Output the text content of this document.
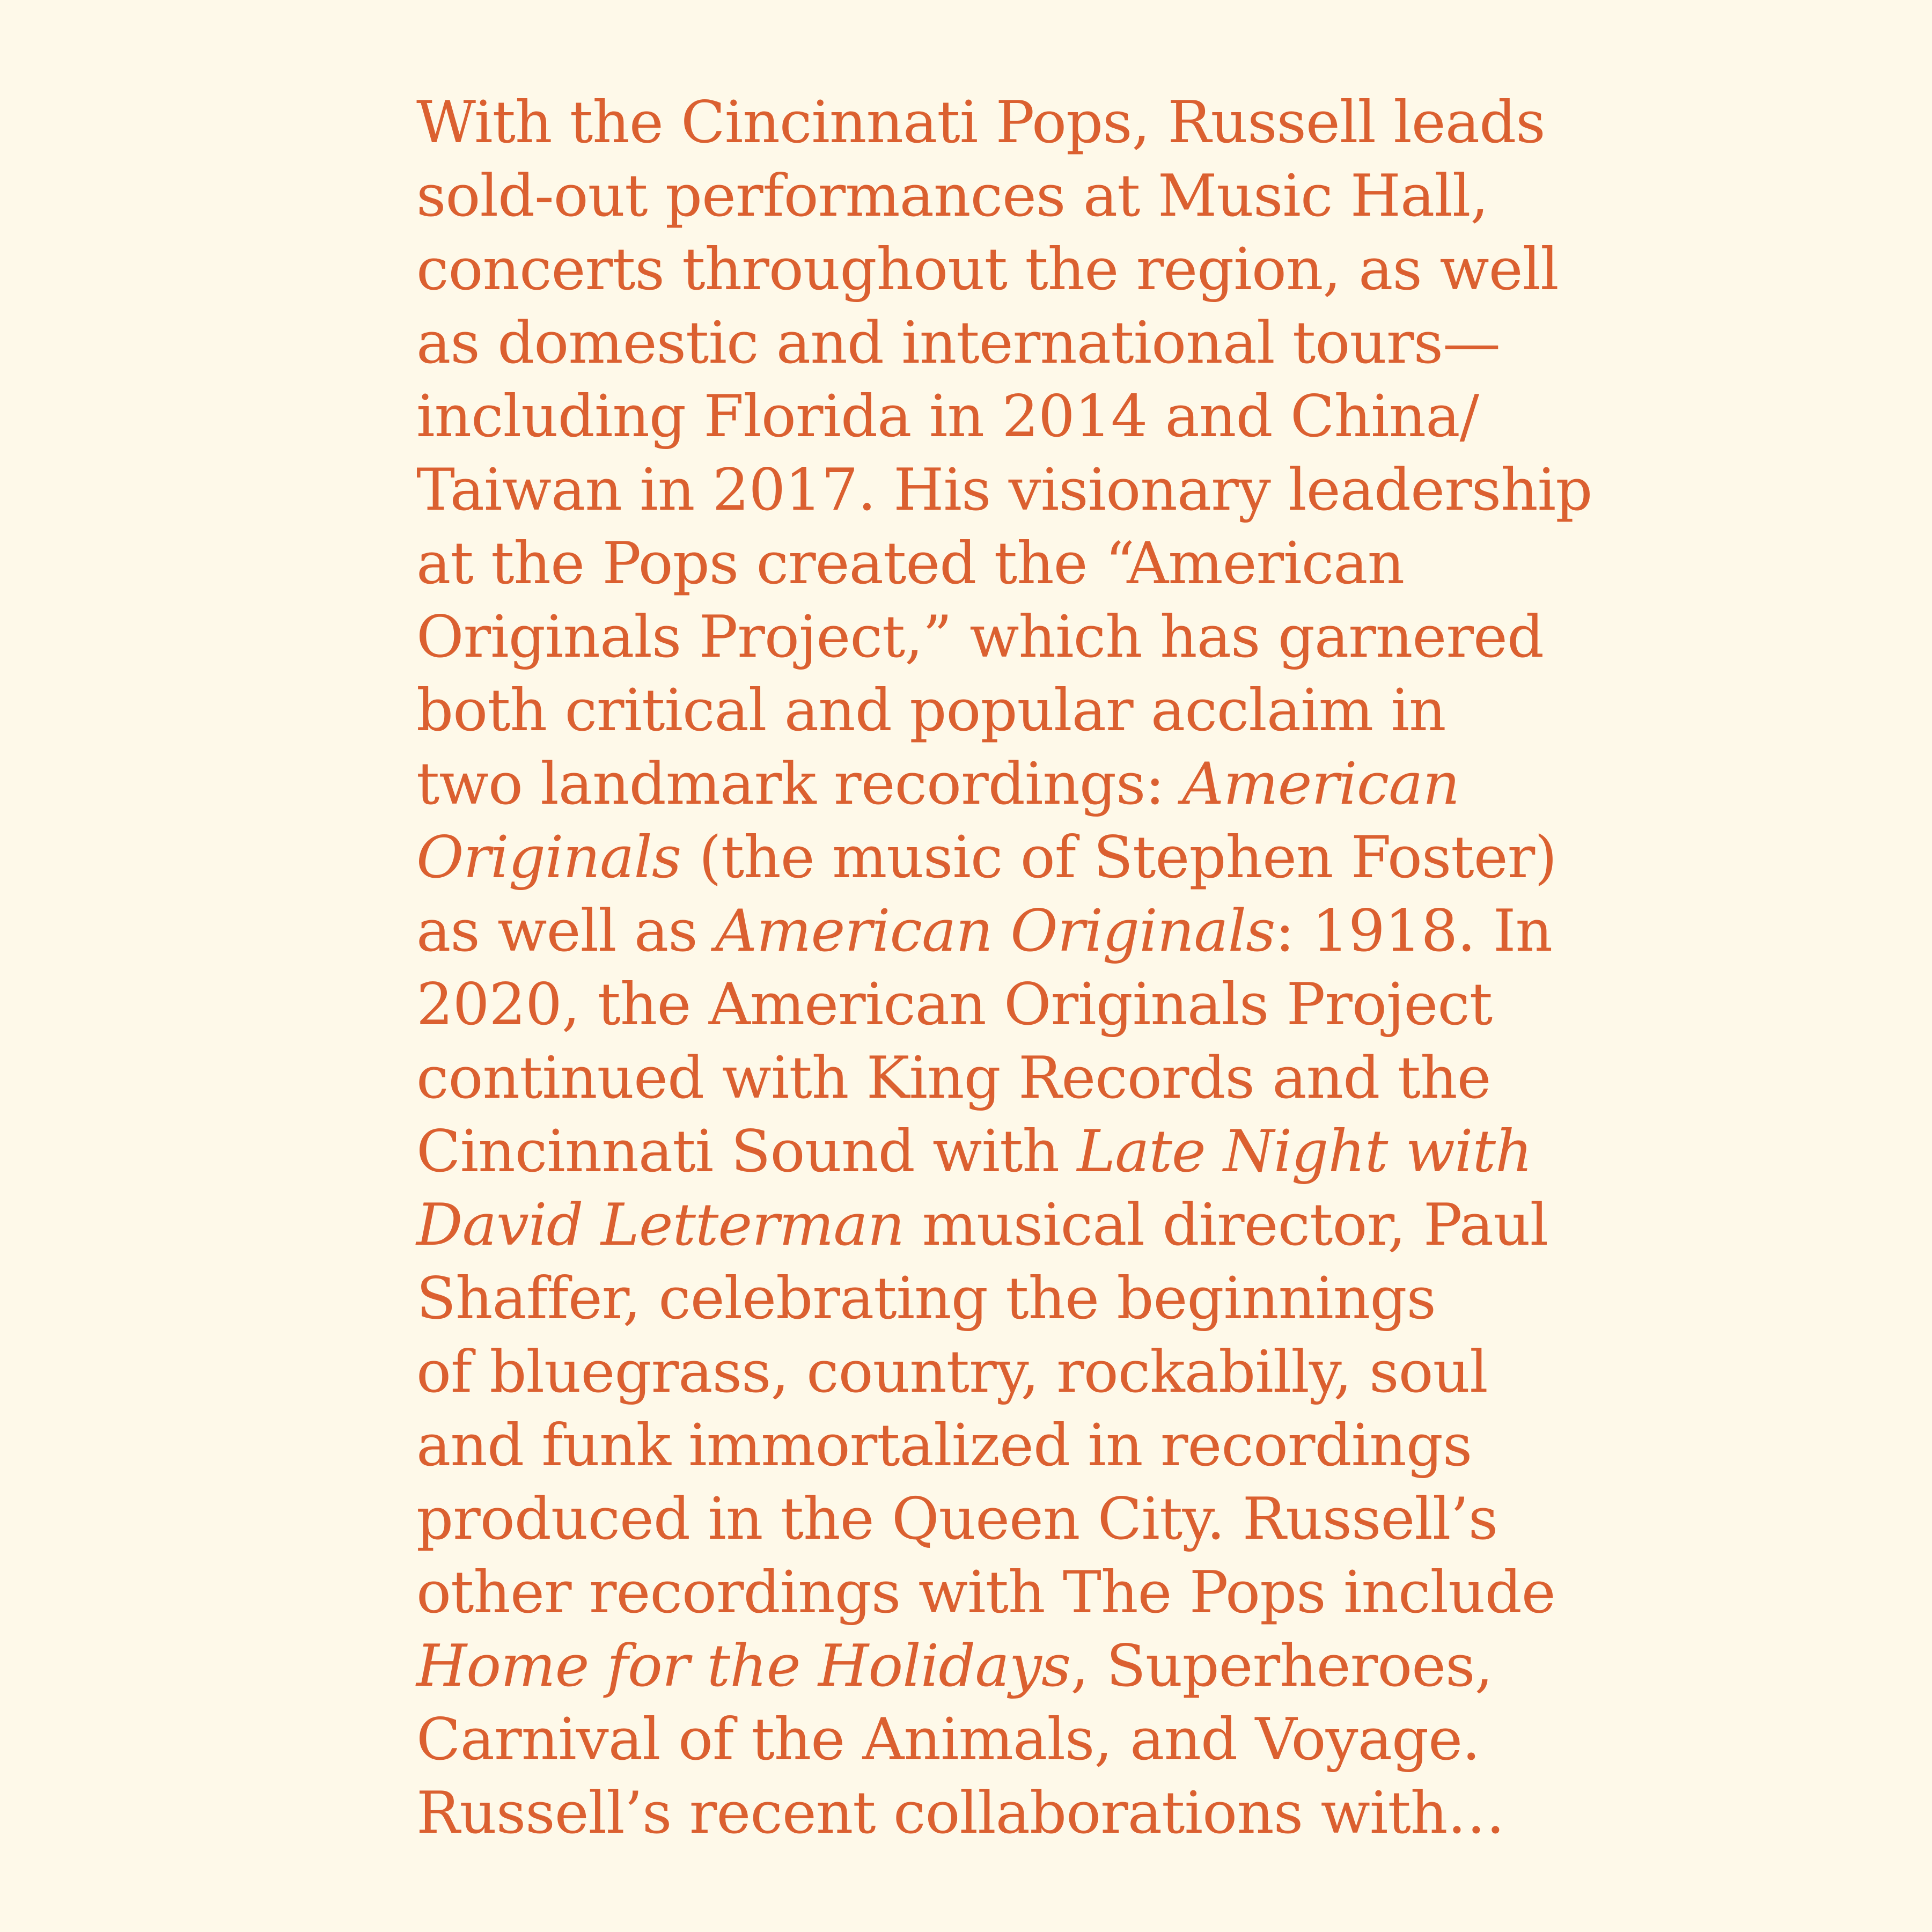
With the Cincinnati Pops, Russell leads
sold-out performances at Music Hall,
concerts throughout the region, as well
as domestic and international tours—
including Florida in 2014 and China/
Taiwan in 2017. His visionary leadership
at the Pops created the “American
Originals Project,” which has garnered
both critical and popular acclaim in
two landmark recordings: American
Originals (the music of Stephen Foster)
as well as American Originals: 1918. In
2020, the American Originals Project
continued with King Records and the
Cincinnati Sound with Late Night with
David Letterman musical director, Paul
Shaffer, celebrating the beginnings
of bluegrass, country, rockabilly, soul
and funk immortalized in recordings
produced in the Queen City. Russell’s
other recordings with The Pops include
Home for the Holidays, Superheroes,
Carnival of the Animals, and Voyage.
Russell’s recent collaborations with…
